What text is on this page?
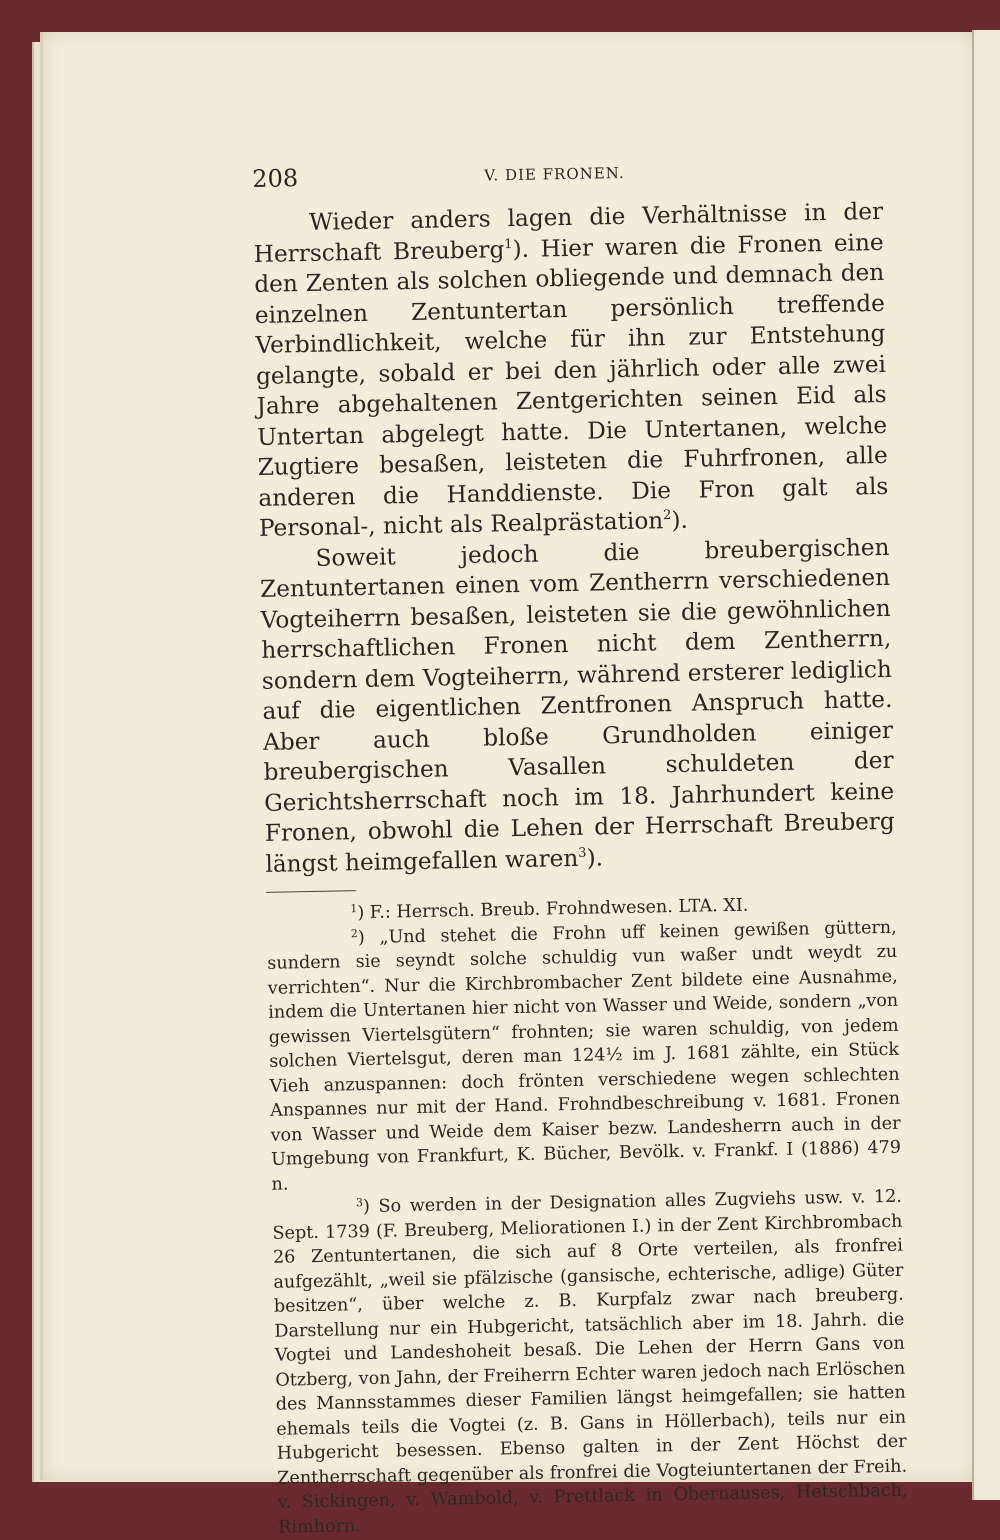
208	V. DIE FRONEN.

Wieder anders lagen die Verhältnisse in der Herrschaft Breuberg$^1$). Hier waren die Fronen eine den Zenten als solchen obliegende und demnach den einzelnen Zentuntertan persönlich treffende Verbindlichkeit, welche für ihn zur Entstehung gelangte, sobald er bei den jährlich oder alle zwei Jahre abgehaltenen Zentgerichten seinen Eid als Untertan abgelegt hatte. Die Untertanen, welche Zugtiere besaßen, leisteten die Fuhrfronen, alle anderen die Handdienste. Die Fron galt als Personal-, nicht als Realprästation$^2$).

Soweit jedoch die breubergischen Zentuntertanen einen vom Zentherrn verschiedenen Vogteiherrn besaßen, leisteten sie die gewöhnlichen herrschaftlichen Fronen nicht dem Zentherrn, sondern dem Vogteiherrn, während ersterer lediglich auf die eigentlichen Zentfronen Anspruch hatte. Aber auch bloße Grundholden einiger breubergischen Vasallen schuldeten der Gerichtsherrschaft noch im 18. Jahrhundert keine Fronen, obwohl die Lehen der Herrschaft Breuberg längst heimgefallen waren$^3$).

$^1$) F.: Herrsch. Breub. Frohndwesen. LTA. XI.

$^2$) „Und stehet die Frohn uff keinen gewißen güttern, sundern sie seyndt solche schuldig vun waßer undt weydt zu verrichten“. Nur die Kirchbrombacher Zent bildete eine Ausnahme, indem die Untertanen hier nicht von Wasser und Weide, sondern „von gewissen Viertelsgütern“ frohnten; sie waren schuldig, von jedem solchen Viertelsgut, deren man 124½ im J. 1681 zählte, ein Stück Vieh anzuspannen: doch frönten verschiedene wegen schlechten Anspannes nur mit der Hand. Frohndbeschreibung v. 1681. Fronen von Wasser und Weide dem Kaiser bezw. Landesherrn auch in der Umgebung von Frankfurt, K. Bücher, Bevölk. v. Frankf. I (1886) 479 n.

$^3$) So werden in der Designation alles Zugviehs usw. v. 12. Sept. 1739 (F. Breuberg, Meliorationen I.) in der Zent Kirchbrombach 26 Zentuntertanen, die sich auf 8 Orte verteilen, als fronfrei aufgezählt, „weil sie pfälzische (gansische, echterische, adlige) Güter besitzen“, über welche z. B. Kurpfalz zwar nach breuberg. Darstellung nur ein Hubgericht, tatsächlich aber im 18. Jahrh. die Vogtei und Landeshoheit besaß. Die Lehen der Herrn Gans von Otzberg, von Jahn, der Freiherrn Echter waren jedoch nach Erlöschen des Mannsstammes dieser Familien längst heimgefallen; sie hatten ehemals teils die Vogtei (z. B. Gans in Höllerbach), teils nur ein Hubgericht besessen. Ebenso galten in der Zent Höchst der Zentherrschaft gegenüber als fronfrei die Vogteiuntertanen der Freih. v. Sickingen, v. Wambold, v. Prettlack in Obernauses, Hetschbach, Rimhorn.
